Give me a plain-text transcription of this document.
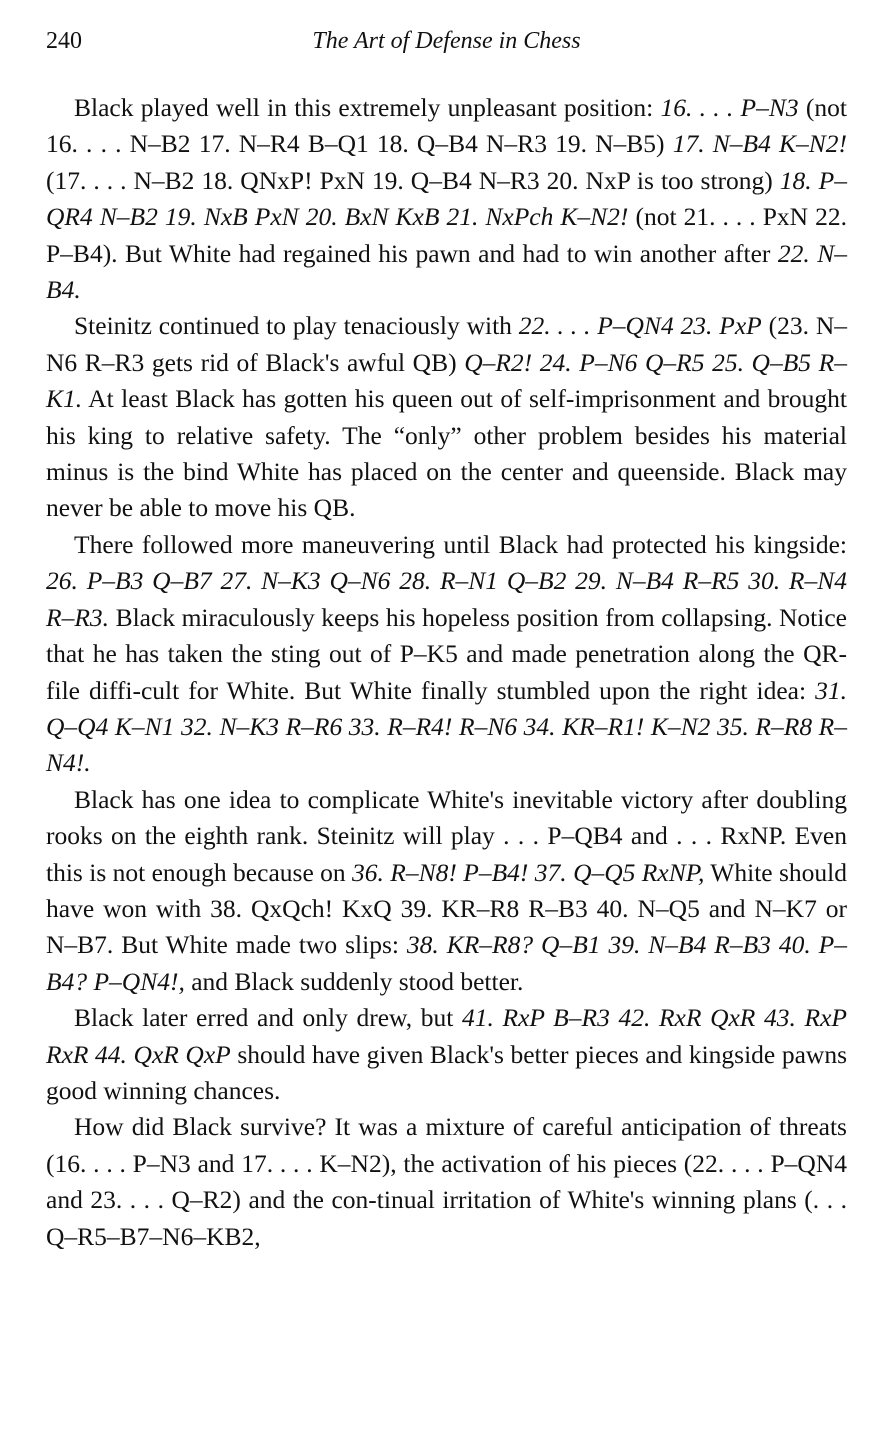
240	The Art of Defense in Chess

Black played well in this extremely unpleasant position: 16. . . . P–N3 (not 16. . . . N–B2 17. N–R4 B–Q1 18. Q–B4 N–R3 19. N–B5) 17. N–B4 K–N2! (17. . . . N–B2 18. QNxP! PxN 19. Q–B4 N–R3 20. NxP is too strong) 18. P–QR4 N–B2 19. NxB PxN 20. BxN KxB 21. NxPch K–N2! (not 21. . . . PxN 22. P–B4). But White had regained his pawn and had to win another after 22. N–B4.

Steinitz continued to play tenaciously with 22. . . . P–QN4 23. PxP (23. N–N6 R–R3 gets rid of Black's awful QB) Q–R2! 24. P–N6 Q–R5 25. Q–B5 R–K1. At least Black has gotten his queen out of self-imprisonment and brought his king to relative safety. The “only” other problem besides his material minus is the bind White has placed on the center and queenside. Black may never be able to move his QB.

There followed more maneuvering until Black had protected his kingside: 26. P–B3 Q–B7 27. N–K3 Q–N6 28. R–N1 Q–B2 29. N–B4 R–R5 30. R–N4 R–R3. Black miraculously keeps his hopeless position from collapsing. Notice that he has taken the sting out of P–K5 and made penetration along the QR-file diffi-cult for White. But White finally stumbled upon the right idea: 31. Q–Q4 K–N1 32. N–K3 R–R6 33. R–R4! R–N6 34. KR–R1! K–N2 35. R–R8 R–N4!.

Black has one idea to complicate White's inevitable victory after doubling rooks on the eighth rank. Steinitz will play . . . P–QB4 and . . . RxNP. Even this is not enough because on 36. R–N8! P–B4! 37. Q–Q5 RxNP, White should have won with 38. QxQch! KxQ 39. KR–R8 R–B3 40. N–Q5 and N–K7 or N–B7. But White made two slips: 38. KR–R8? Q–B1 39. N–B4 R–B3 40. P–B4? P–QN4!, and Black suddenly stood better.

Black later erred and only drew, but 41. RxP B–R3 42. RxR QxR 43. RxP RxR 44. QxR QxP should have given Black's better pieces and kingside pawns good winning chances.

How did Black survive? It was a mixture of careful anticipation of threats (16. . . . P–N3 and 17. . . . K–N2), the activation of his pieces (22. . . . P–QN4 and 23. . . . Q–R2) and the con-tinual irritation of White's winning plans (. . . Q–R5–B7–N6–KB2,
